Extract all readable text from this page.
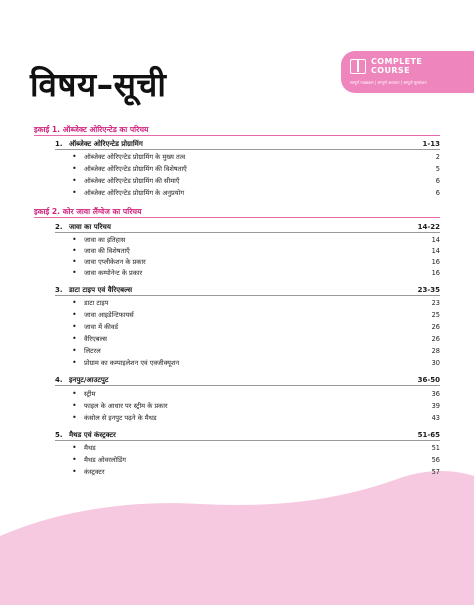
विषय–सूची
COMPLETE
COURSE
सम्पूर्ण पाठ्यक्रम | सम्पूर्ण अध्ययन | सम्पूर्ण मूल्यांकन
इकाई 1. ऑब्जेक्ट ओरिएन्टेड का परिचय
1. ऑब्जेक्ट ओरिएन्टेड प्रोग्रामिंग	1-13
• ऑब्जेक्ट ओरिएन्टेड प्रोग्रामिंग के मुख्य तत्व	2
• ऑब्जेक्ट ओरिएन्टेड प्रोग्रामिंग की विशेषताएँ	5
• ऑब्जेक्ट ओरिएन्टेड प्रोग्रामिंग की सीमाएँ	6
• ऑब्जेक्ट ओरिएन्टेड प्रोग्रामिंग के अनुप्रयोग	6
इकाई 2. कोर जावा लैंग्वेज का परिचय
2. जावा का परिचय	14-22
• जावा का इतिहास	14
• जावा की विशेषताएँ	14
• जावा एप्लीकेशन के प्रकार	16
• जावा कम्पोनेन्ट के प्रकार	16
3. डाटा टाइप एवं वैरिएबल्स	23-35
• डाटा टाइप	23
• जावा आइडेन्टिफायर्स	25
• जावा में कीवर्ड	26
• वैरिएबल्स	26
• लिटरल	28
• प्रोग्राम का कम्पाइलेशन एवं एक्जीक्यूशन	30
4. इनपुट/आउटपुट	36-50
• स्ट्रीम	36
• फाइल के आधार पर स्ट्रीम के प्रकार	39
• कंसोल से इनपुट पढ़ने के मैथड	43
5. मैथड एवं कंस्ट्रक्टर	51-65
• मैथड	51
• मैथड ओवरलोडिंग	56
• कंस्ट्रक्टर	57
